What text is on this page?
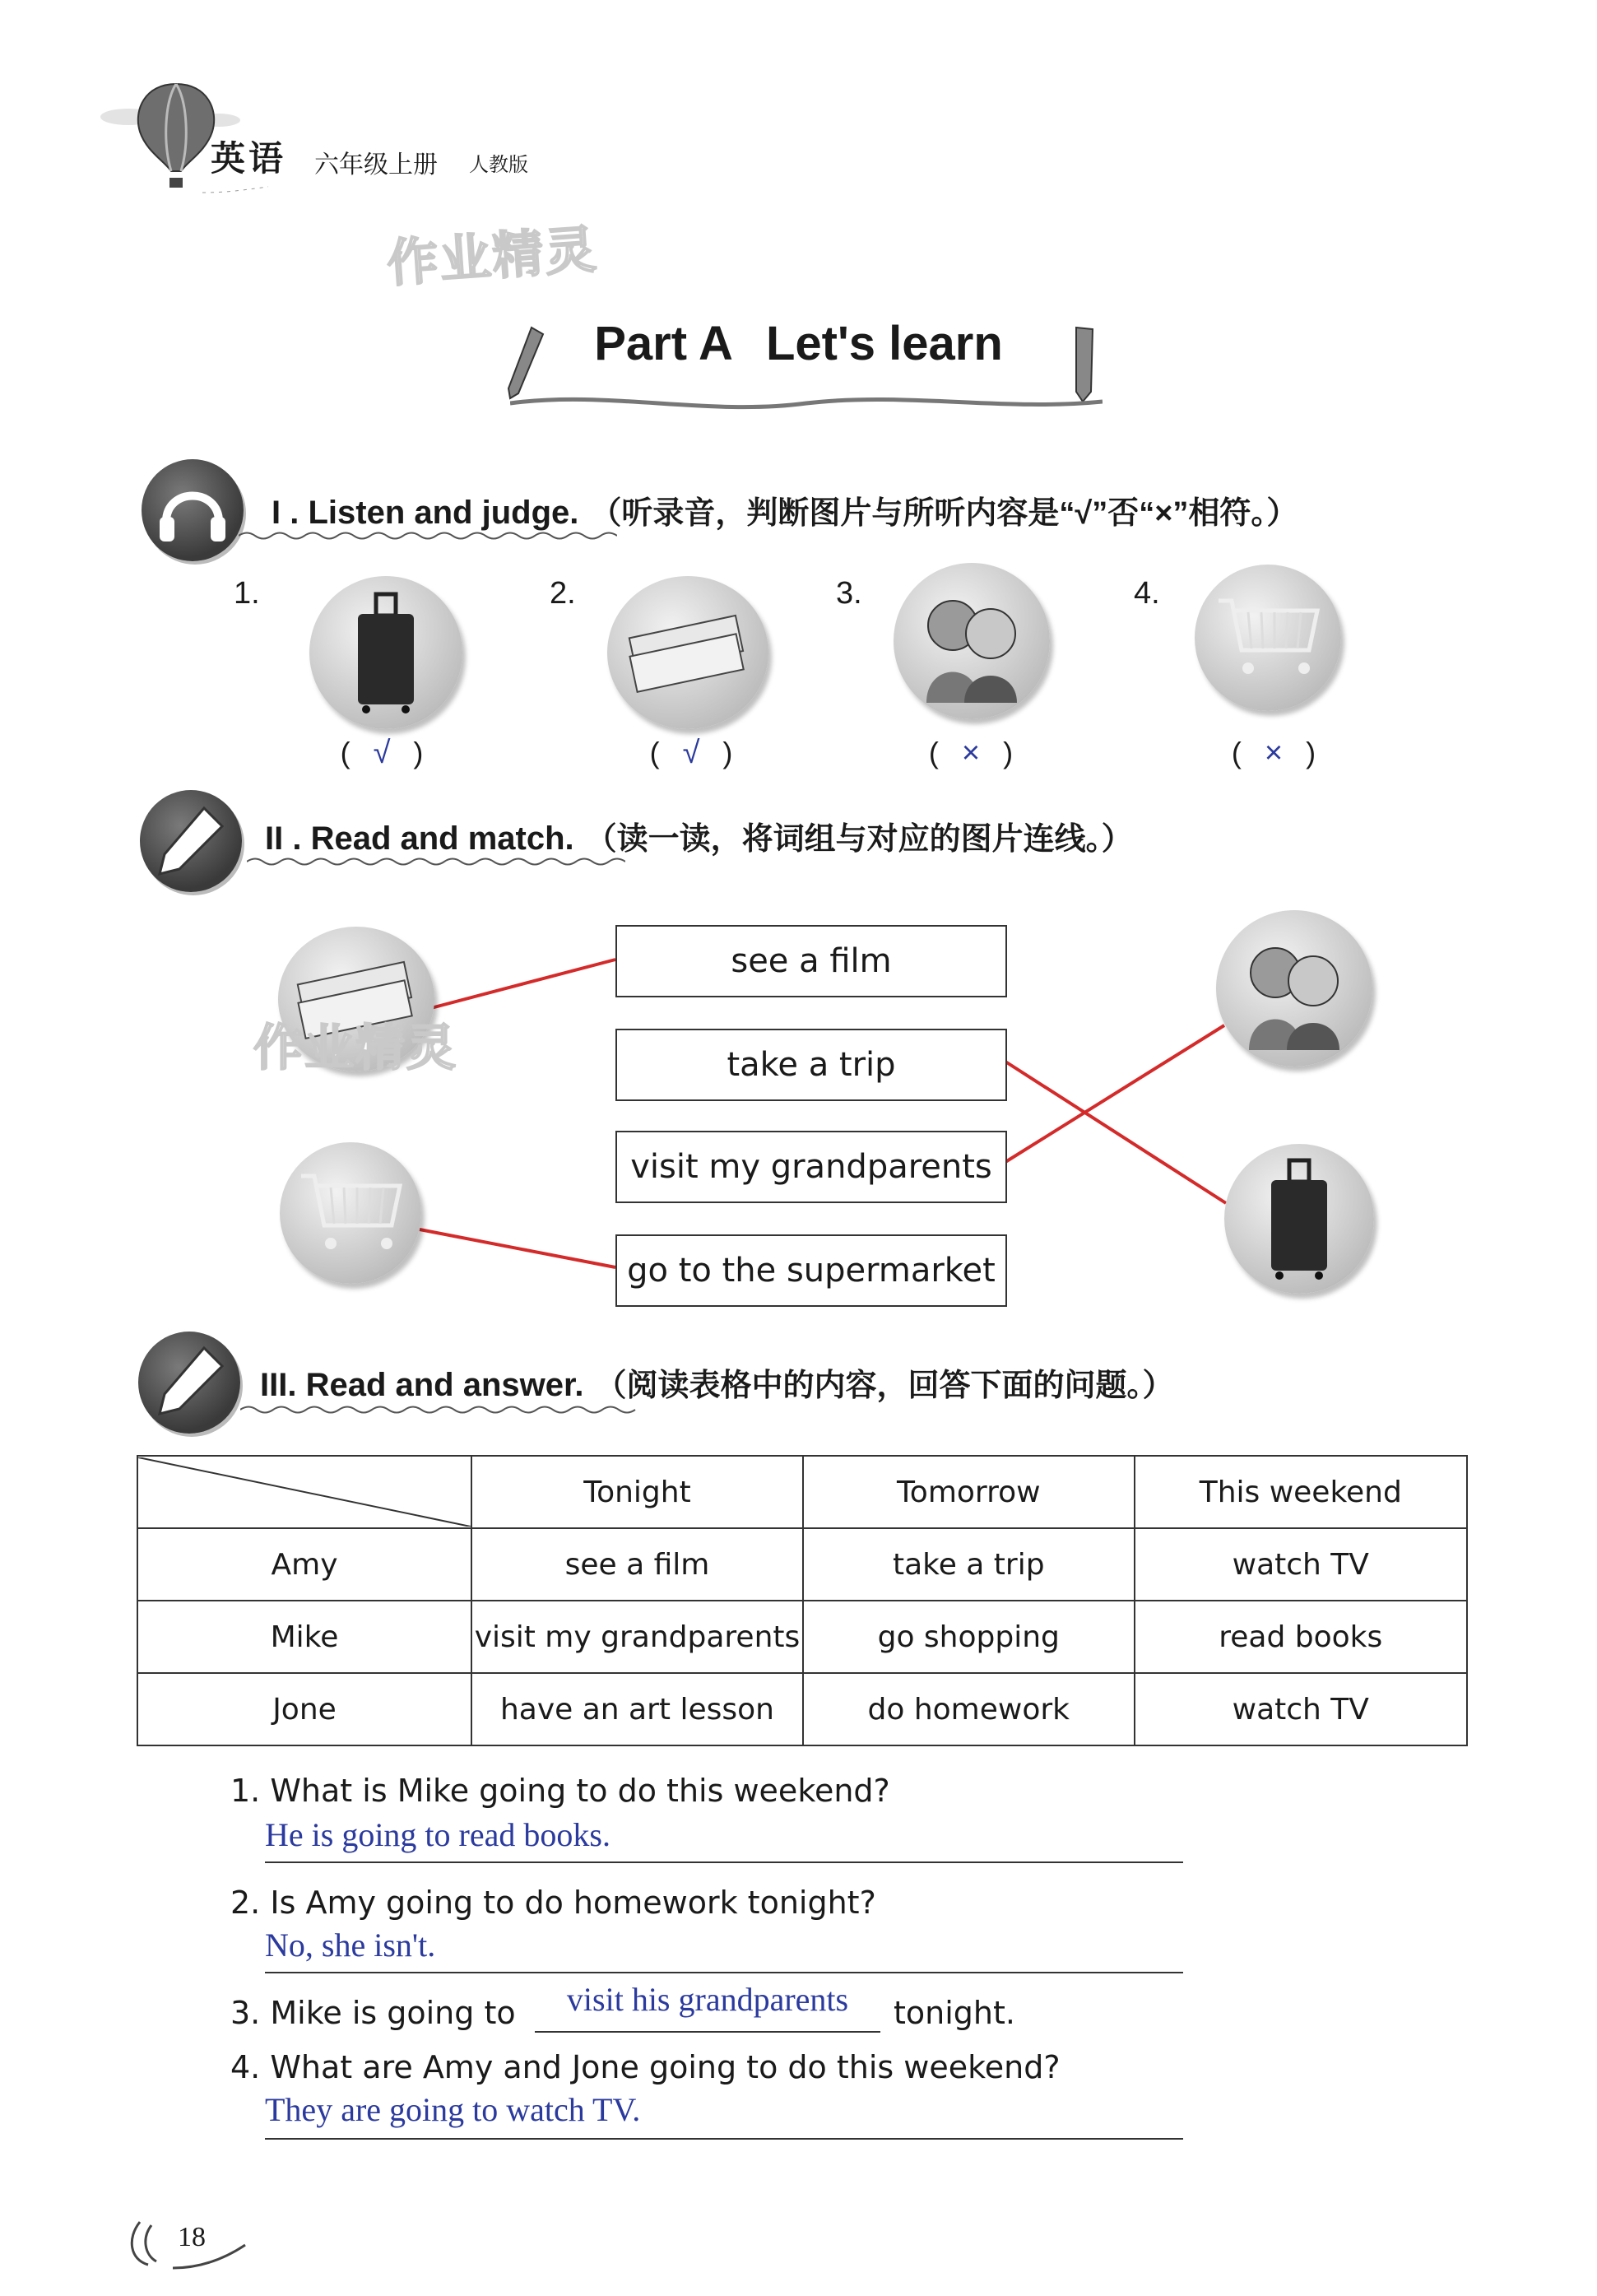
英语 六年级上册 人教版
作业精灵
Part A Let's learn
I . Listen and judge. （听录音，判断图片与所听内容是“√”否“×”相符。）
1.
( √ )
2.
( √ )
3.
( × )
4.
( × )
II . Read and match. （读一读，将词组与对应的图片连线。）
作业精灵
see a film
take a trip
visit my grandparents
go to the supermarket
III. Read and answer. （阅读表格中的内容，回答下面的问题。）
	Tonight	Tomorrow	This weekend
Amy	see a film	take a trip	watch TV
Mike	visit my grandparents	go shopping	read books
Jone	have an art lesson	do homework	watch TV
1. What is Mike going to do this weekend?
He is going to read books.
2. Is Amy going to do homework tonight?
No, she isn't.
3. Mike is going to	visit his grandparents	tonight.
4. What are Amy and Jone going to do this weekend?
They are going to watch TV.
18
